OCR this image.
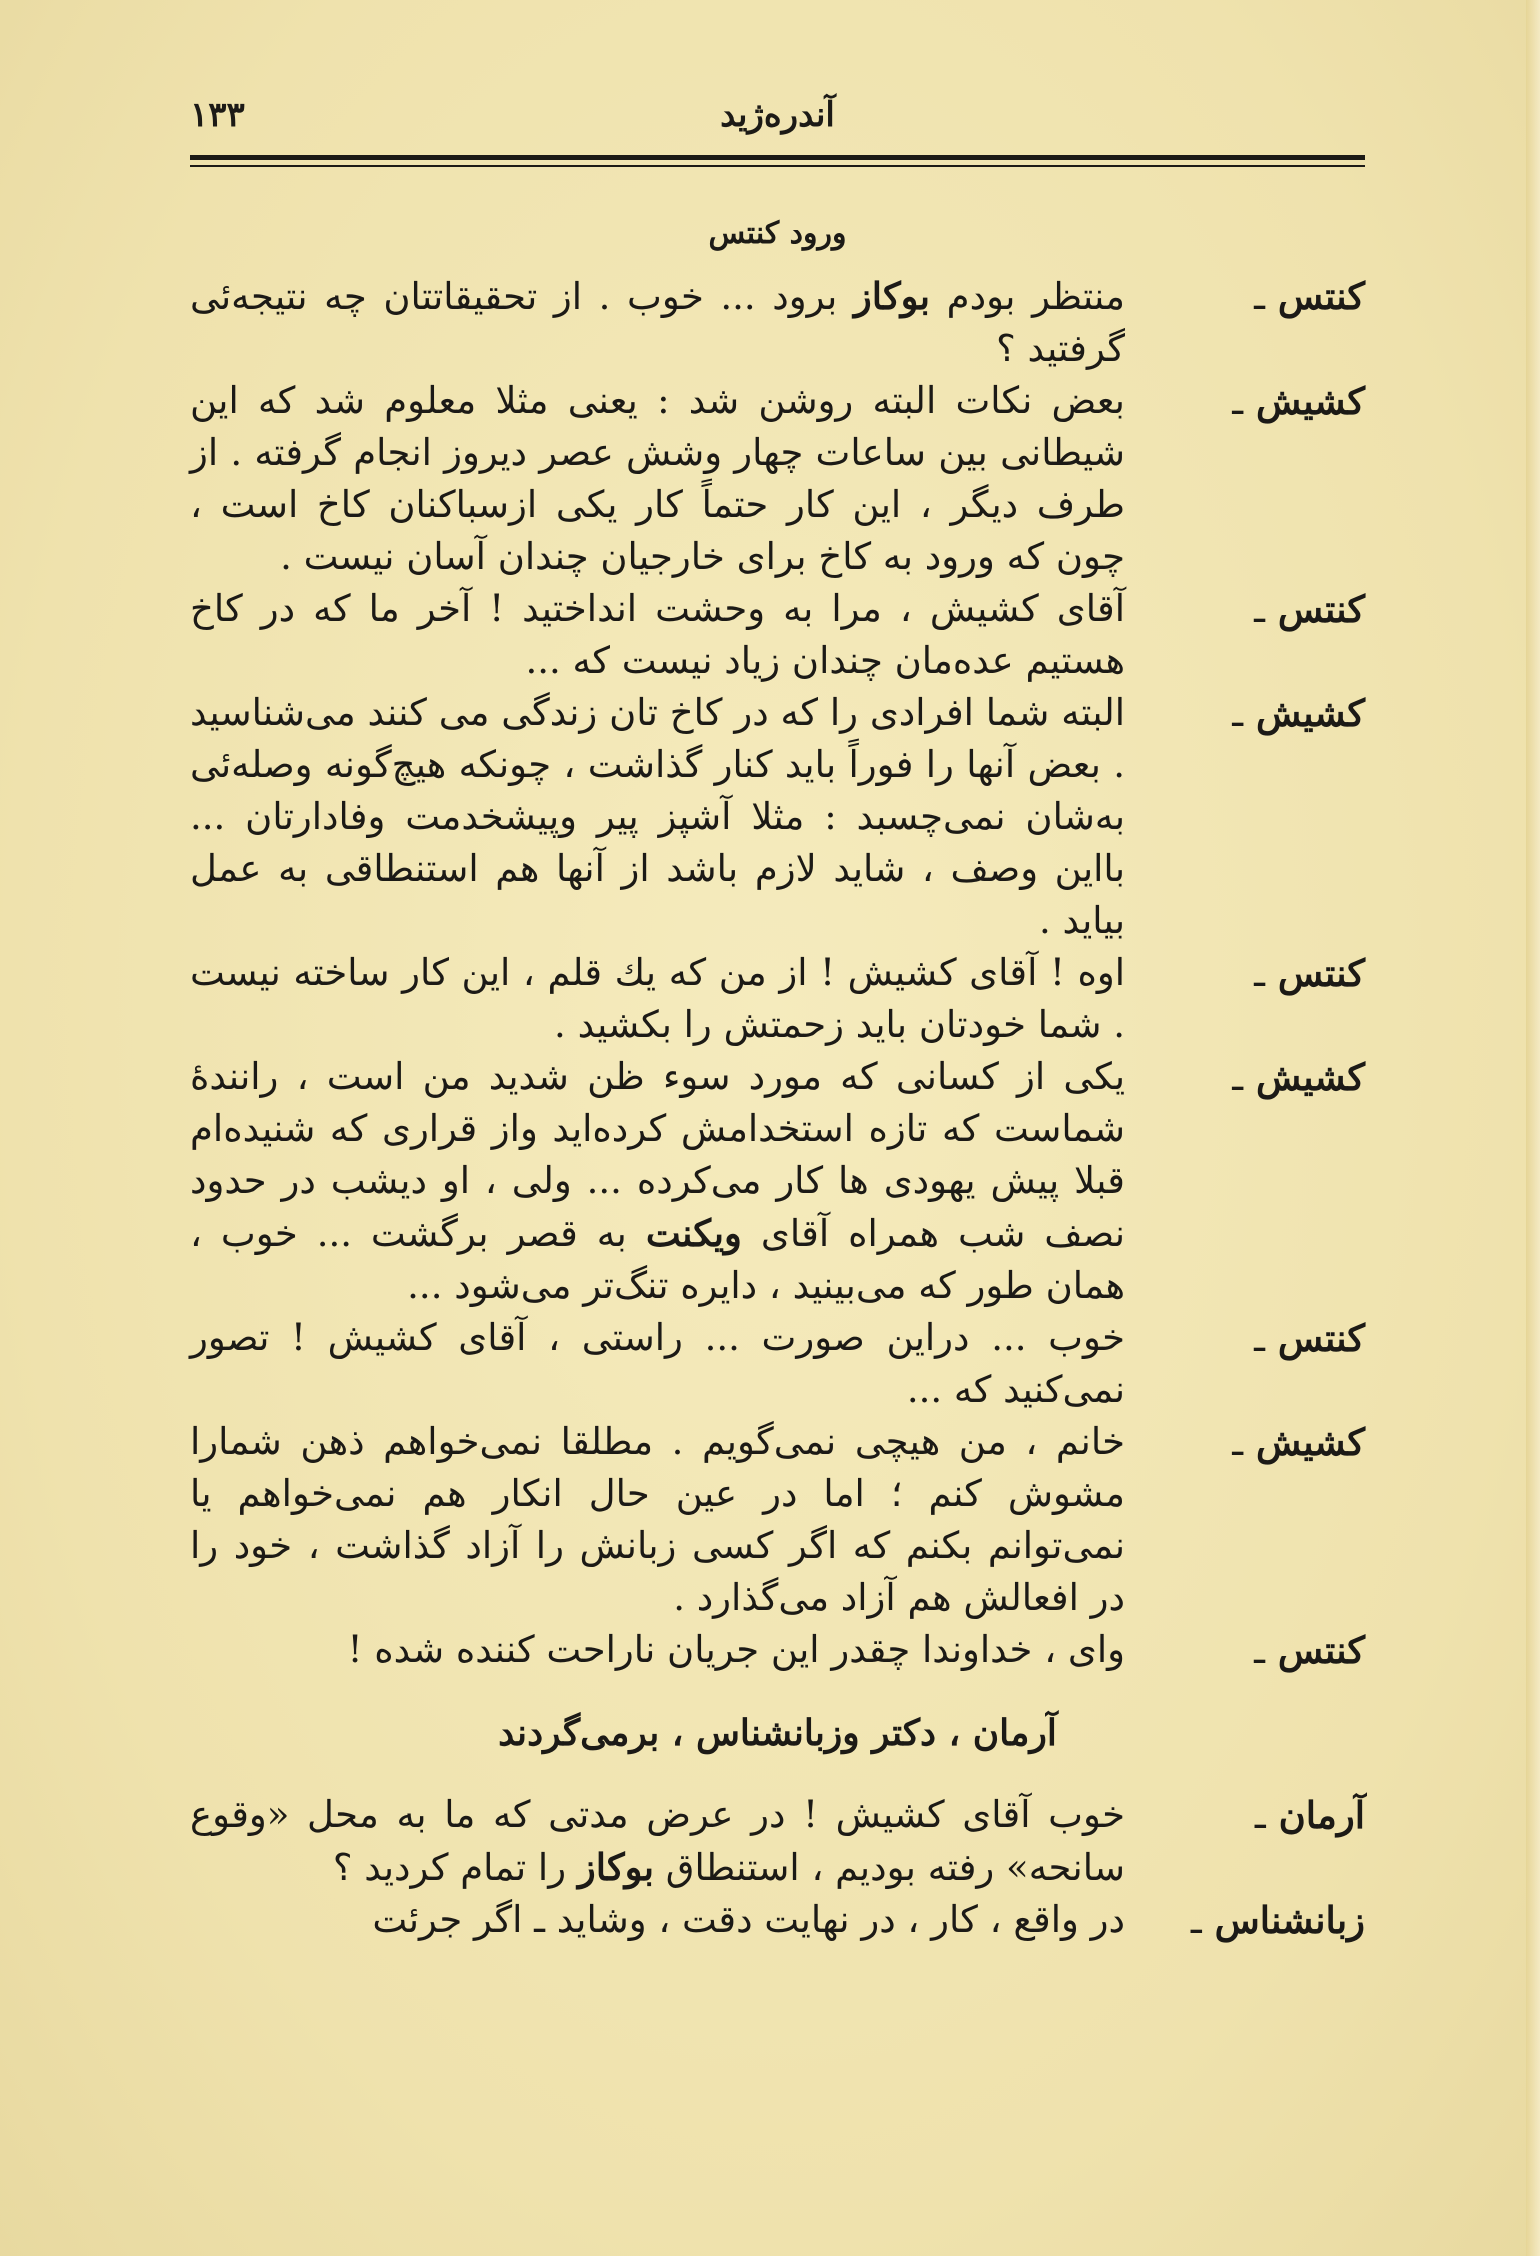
آندره‌ژید
۱۳۳
ورود کنتس
کنتس ـ
منتظر بودم بوکاز برود ... خوب . از تحقیقاتتان چه نتیجه‌ئی گرفتید ؟
کشیش ـ
بعض نکات البته روشن شد : یعنی مثلا معلوم شد که این شیطانی بین ساعات چهار وشش عصر دیروز انجام گرفته . از طرف دیگر ، این کار حتماً کار یکی ازسباکنان کاخ است ، چون که ورود به کاخ برای خارجیان چندان آسان نیست .
کنتس ـ
آقای کشیش ، مرا به وحشت انداختید ! آخر ما که در کاخ هستیم عده‌مان چندان زیاد نیست که ...
کشیش ـ
البته شما افرادی را که در کاخ تان زندگی می کنند می‌شناسید . بعض آنها را فوراً باید کنار گذاشت ، چونکه هیچ‌گونه وصله‌ئی به‌شان نمی‌چسبد : مثلا آشپز پیر وپیشخدمت وفادارتان ... بااین وصف ، شاید لازم باشد از آنها هم استنطاقی به عمل بیاید .
کنتس ـ
اوه ! آقای کشیش ! از من که یك قلم ، این کار ساخته نیست . شما خودتان باید زحمتش را بکشید .
کشیش ـ
یکی از کسانی که مورد سوء ظن شدید من است ، رانندهٔ شماست که تازه استخدامش کرده‌اید واز قراری که شنیده‌ام قبلا پیش یهودی ها کار می‌کرده ... ولی ، او دیشب در حدود نصف شب همراه آقای ویکنت به قصر برگشت ... خوب ، همان طور که می‌بینید ، دایره تنگ‌تر می‌شود ...
کنتس ـ
خوب ... دراین صورت ... راستی ، آقای کشیش ! تصور نمی‌کنید که ...
کشیش ـ
خانم ، من هیچی نمی‌گویم . مطلقا نمی‌خواهم ذهن شمارا مشوش کنم ؛ اما در عین حال انکار هم نمی‌خواهم یا نمی‌توانم بکنم که اگر کسی زبانش را آزاد گذاشت ، خود را در افعالش هم آزاد می‌گذارد .
کنتس ـ
وای ، خداوندا چقدر این جریان ناراحت کننده شده !
آرمان ، دکتر وزبانشناس ، برمی‌گردند
آرمان ـ
خوب آقای کشیش ! در عرض مدتی که ما به محل «وقوع سانحه» رفته بودیم ، استنطاق بوکاز را تمام کردید ؟
زبانشناس ـ
در واقع ، کار ، در نهایت دقت ، وشاید ـ اگر جرئت
